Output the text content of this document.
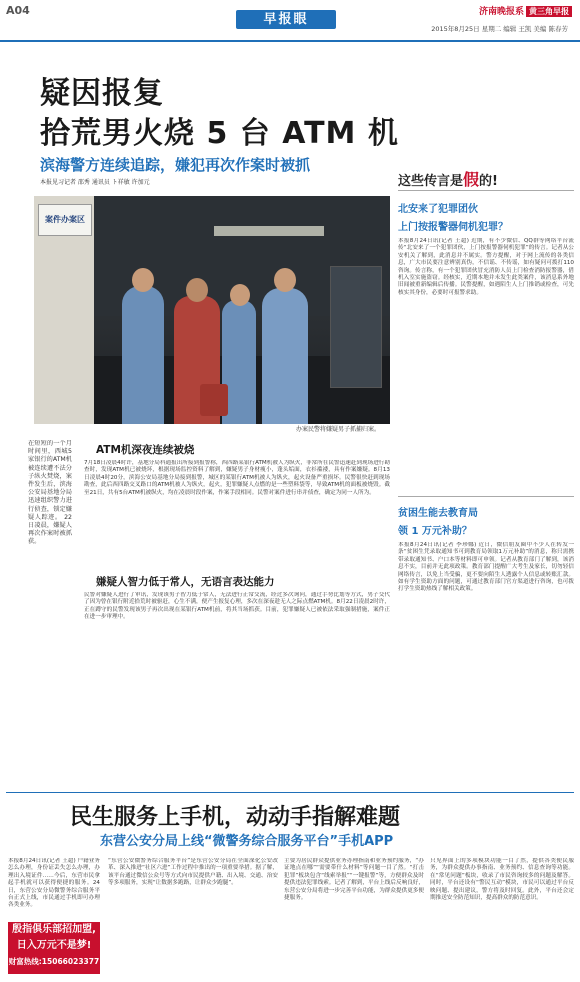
A04
早报眼	济南晚报系 黄三角早报
2015年8月25日 星期二 编辑 王凯 美编 陈春芳
疑因报复
拾荒男火烧 5 台 ATM 机
滨海警方连续追踪，嫌犯再次作案时被抓
本报见习记者 邵秀 通讯员 ト祥敏 许加元
案件办案区
办案民警将嫌疑男子抓捕归案。
在短短的一个月时间里，西城5家银行的ATM机被连续遭不法分子纵火焚烧，案件发生后，滨海公安局基地分局迅速组织警力进行侦查，锁定嫌疑人踪迹。 22日凌晨，嫌疑人再次作案时被抓获。
ATM机深夜连续被烧
7月18日凌晨4时许，基地分局科通报出所接到报警称，西四路某银行ATM机被人为纵火，非常所在民警迅速赶到现场进行勘查时，发现ATM机已被烧坏，根据现场监控资料了解到，嫌疑男子身材瘦小，蓬头垢面，衣衫褴褛，具有作案嫌疑。8月13日凌晨4时20分，滨海公安局基地分局接到报警，城区的某银行ATM机被人为纵火，起火设备严重损坏。民警很快赶到现场勘查，此后西四路交叉路口的ATM机被人为纵火，起火，犯罪嫌疑人点燃的是一些塑料袋等，导致ATM机的面板被烧毁。截至21日，共有5台ATM机被纵火，均在凌晨时段作案，作案手段相同。民警对案件进行串并侦查，确定为同一人所为。
嫌疑人智力低于常人，无语言表达能力
民警对嫌疑人进行了审讯，发现该男子智力低于常人，无法进行正常交流，经过多次询问，通过手势比划等方式，男子交代了因为曾在银行附近拾荒时被驱赶，心生不满，便产生报复心理，多次在深夜趁无人之际点燃ATM机。8月22日凌晨2时许，正在蹲守的民警发现该男子再次出现在某银行ATM机前，将其当场抓获。目前，犯罪嫌疑人已被依法采取强制措施，案件正在进一步审理中。
这些传言是假的!
北安来了犯罪团伙
上门按报警器伺机犯罪？
本报8月24日讯(记者 王超) 近期，有不少微信、QQ群等网络平台流传“北安来了一个犯罪团伙，上门按报警器伺机犯罪”的传言。记者从公安机关了解到，此消息并不属实。警方提醒，对于网上流传的各类信息，广大市民要注意辨别真伪，不信谣、不传谣，如有疑问可拨打110咨询。传言称，有一个犯罪团伙冒充消防人员上门检查消防报警器，借机入室实施盗窃。经核实，近期本地并未发生此类案件，该消息系外地旧闻被重新编辑后传播。民警提醒，如遇陌生人上门推销或检查，可先核实其身份，必要时可报警求助。
贫困生能去教育局
领 1 万元补助？
本报8月24日讯(记者 李珍娜) 近日，微信朋友圈中不少人在转发一条“贫困生凭录取通知书可到教育局领取1万元补助”的消息，称只需携带录取通知书、户口本等材料即可申领。记者从教育部门了解到，该消息不实，目前并无此项政策。教育部门提醒广大考生及家长，切勿轻信网络传言，以免上当受骗，更不要向陌生人透露个人信息或转账汇款。如有学生资助方面的问题，可通过教育部门官方渠道进行咨询，也可拨打学生资助热线了解相关政策。
民生服务上手机，动动手指解难题
东营公安分局上线“微警务综合服务平台”手机APP
本报8月24日讯(记者 王超) 户籍业务怎么办理，身份证丢失怎么办理，办理出入境证件……今后，东营市民拿起手机就可以获得便捷的服务。24日，东营公安分局微警务综合服务平台正式上线，市民通过手机即可办理各类业务。
“东营公安微警务综合服务平台”是东营公安分局在全面深化公安改革、深入推进“社区六进”工作过程中推出的一项重要举措。据了解，该平台通过微信公众号等方式向市民提供户籍、出入境、交通、治安等多项服务，实现“让数据多跑路，让群众少跑腿”。
主要为居民群众提供业务办理指南和业务预约服务，“办证地点在哪”“需要带什么材料”等问题一目了然。“打击犯罪”板块包含“线索举报”“一键报警”等，方便群众及时提供违法犯罪线索。记者了解到，平台上线后反响良好，东营公安分局将进一步完善平台功能，为群众提供更多便捷服务。
只见界面上的多项模块功能一目了然，提供各类便民服务，为群众提供办事指南、业务预约、信息查询等功能。在“常见问题”板块，收录了市民咨询较多的问题及解答。同时，平台还设有“警民互动”模块，市民可以通过平台反映问题、提出建议，警方将及时回复。此外，平台还会定期推送安全防范知识，提高群众的防范意识。
殷指俱乐部招加盟,
日入万元不是梦!
财富热线:15066023377
